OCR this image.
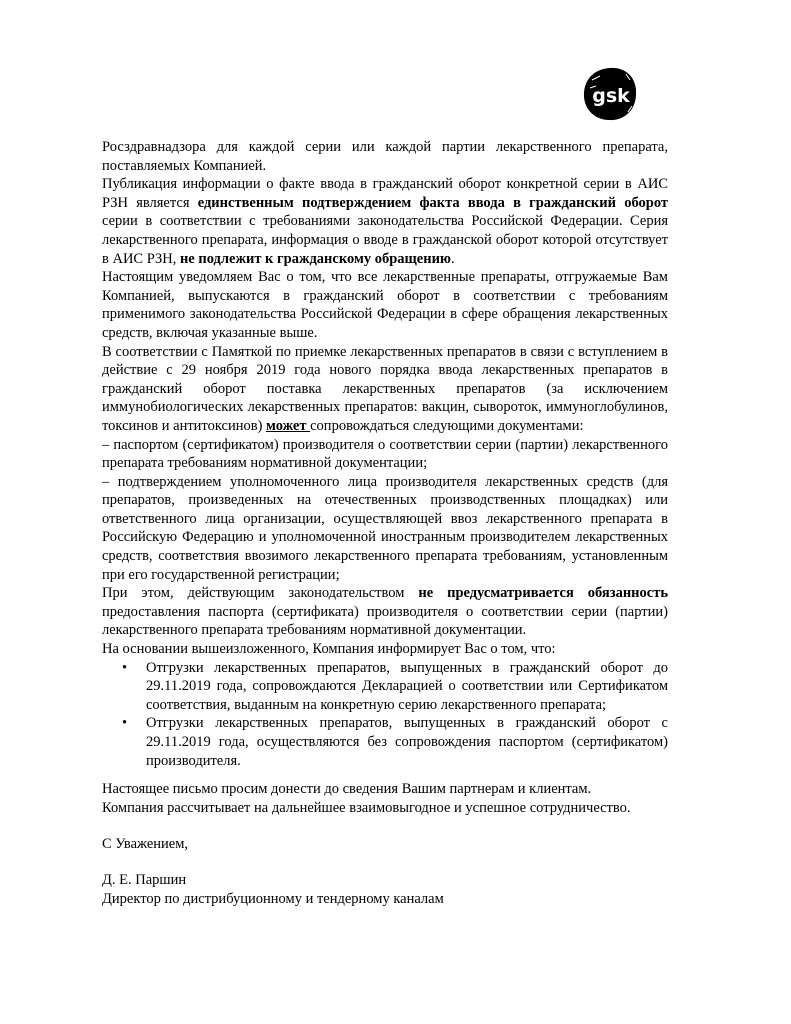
gsk

Росздравнадзора для каждой серии или каждой партии лекарственного препарата, поставляемых Компанией.

Публикация информации о факте ввода в гражданский оборот конкретной серии в АИС РЗН является единственным подтверждением факта ввода в гражданский оборот серии в соответствии с требованиями законодательства Российской Федерации. Серия лекарственного препарата, информация о вводе в гражданской оборот которой отсутствует в АИС РЗН, не подлежит к гражданскому обращению.

Настоящим уведомляем Вас о том, что все лекарственные препараты, отгружаемые Вам Компанией, выпускаются в гражданский оборот в соответствии с требованиям применимого законодательства Российской Федерации в сфере обращения лекарственных средств, включая указанные выше.

В соответствии с Памяткой по приемке лекарственных препаратов в связи с вступлением в действие с 29 ноября 2019 года нового порядка ввода лекарственных препаратов в гражданский оборот поставка лекарственных препаратов (за исключением иммунобиологических лекарственных препаратов: вакцин, сывороток, иммуноглобулинов, токсинов и антитоксинов) может сопровождаться следующими документами:

– паспортом (сертификатом) производителя о соответствии серии (партии) лекарственного препарата требованиям нормативной документации;

– подтверждением уполномоченного лица производителя лекарственных средств (для препаратов, произведенных на отечественных производственных площадках) или ответственного лица организации, осуществляющей ввоз лекарственного препарата в Российскую Федерацию и уполномоченной иностранным производителем лекарственных средств, соответствия ввозимого лекарственного препарата требованиям, установленным при его государственной регистрации;

При этом, действующим законодательством не предусматривается обязанность предоставления паспорта (сертификата) производителя о соответствии серии (партии) лекарственного препарата требованиям нормативной документации.

На основании вышеизложенного, Компания информирует Вас о том, что:

• Отгрузки лекарственных препаратов, выпущенных в гражданский оборот до 29.11.2019 года, сопровождаются Декларацией о соответствии или Сертификатом соответствия, выданным на конкретную серию лекарственного препарата;
• Отгрузки лекарственных препаратов, выпущенных в гражданский оборот с 29.11.2019 года, осуществляются без сопровождения паспортом (сертификатом) производителя.

Настоящее письмо просим донести до сведения Вашим партнерам и клиентам.

Компания рассчитывает на дальнейшее взаимовыгодное и успешное сотрудничество.

С Уважением,

Д. Е. Паршин

Директор по дистрибуционному и тендерному каналам
